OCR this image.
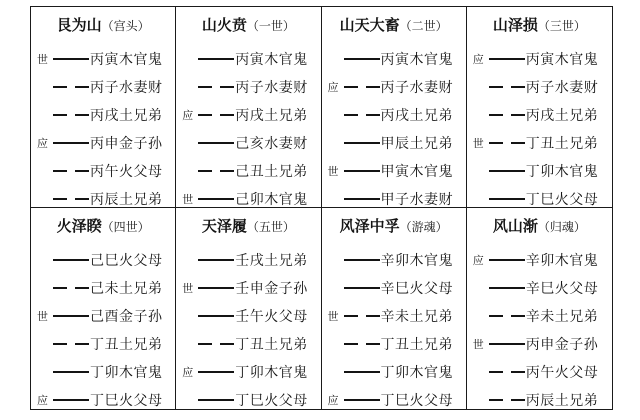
艮为山（宫头）
世	丙寅木官鬼
丙子水妻财
丙戌土兄弟
应	丙申金子孙
丙午火父母
丙辰土兄弟
山火贲（一世）
丙寅木官鬼
丙子水妻财
应	丙戌土兄弟
己亥水妻财
己丑土兄弟
世	己卯木官鬼
山天大畜（二世）
丙寅木官鬼
应	丙子水妻财
丙戌土兄弟
甲辰土兄弟
世	甲寅木官鬼
甲子水妻财
山泽损（三世）
应	丙寅木官鬼
丙子水妻财
丙戌土兄弟
世	丁丑土兄弟
丁卯木官鬼
丁巳火父母
火泽睽（四世）
己巳火父母
己未土兄弟
世	己酉金子孙
丁丑土兄弟
丁卯木官鬼
应	丁巳火父母
天泽履（五世）
壬戌土兄弟
世	壬申金子孙
壬午火父母
丁丑土兄弟
应	丁卯木官鬼
丁巳火父母
风泽中孚（游魂）
辛卯木官鬼
辛巳火父母
世	辛未土兄弟
丁丑土兄弟
丁卯木官鬼
应	丁巳火父母
风山渐（归魂）
应	辛卯木官鬼
辛巳火父母
辛未土兄弟
世	丙申金子孙
丙午火父母
丙辰土兄弟
